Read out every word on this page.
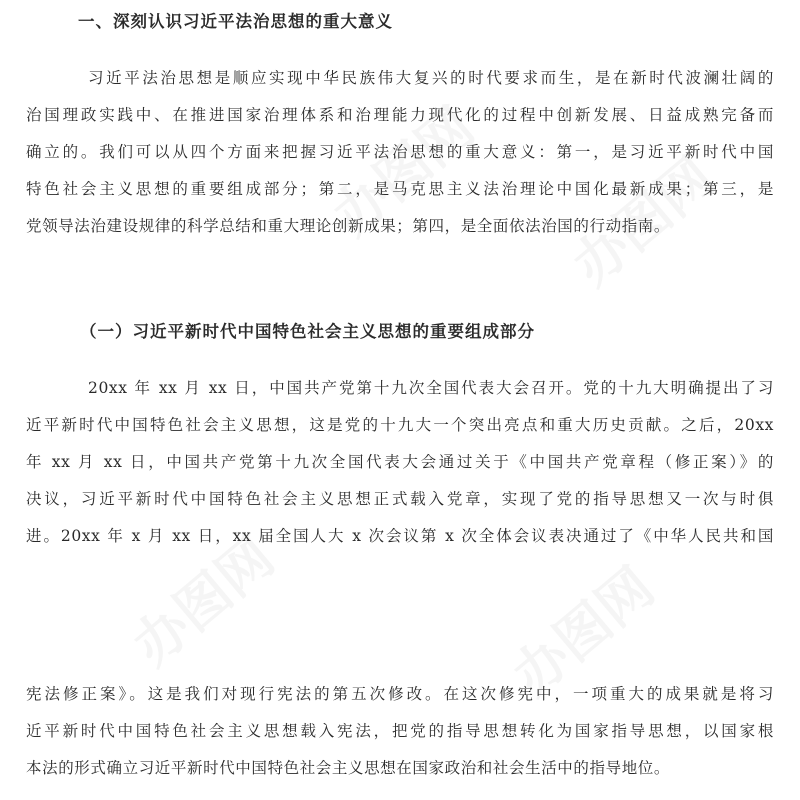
一、深刻认识习近平法治思想的重大意义
习近平法治思想是顺应实现中华民族伟大复兴的时代要求而生，是在新时代波澜壮阔的
治国理政实践中、在推进国家治理体系和治理能力现代化的过程中创新发展、日益成熟完备而
确立的。我们可以从四个方面来把握习近平法治思想的重大意义：第一，是习近平新时代中国
特色社会主义思想的重要组成部分；第二，是马克思主义法治理论中国化最新成果；第三，是
党领导法治建设规律的科学总结和重大理论创新成果；第四，是全面依法治国的行动指南。
（一）习近平新时代中国特色社会主义思想的重要组成部分
20xx 年 xx 月 xx 日，中国共产党第十九次全国代表大会召开。党的十九大明确提出了习
近平新时代中国特色社会主义思想，这是党的十九大一个突出亮点和重大历史贡献。之后，20xx
年 xx 月 xx 日，中国共产党第十九次全国代表大会通过关于《中国共产党章程（修正案）》的
决议，习近平新时代中国特色社会主义思想正式载入党章，实现了党的指导思想又一次与时俱
进。20xx 年 x 月 xx 日，xx 届全国人大 x 次会议第 x 次全体会议表决通过了《中华人民共和国
宪法修正案》。这是我们对现行宪法的第五次修改。在这次修宪中，一项重大的成果就是将习
近平新时代中国特色社会主义思想载入宪法，把党的指导思想转化为国家指导思想，以国家根
本法的形式确立习近平新时代中国特色社会主义思想在国家政治和社会生活中的指导地位。
办图网
办图网
办图网	办图网
